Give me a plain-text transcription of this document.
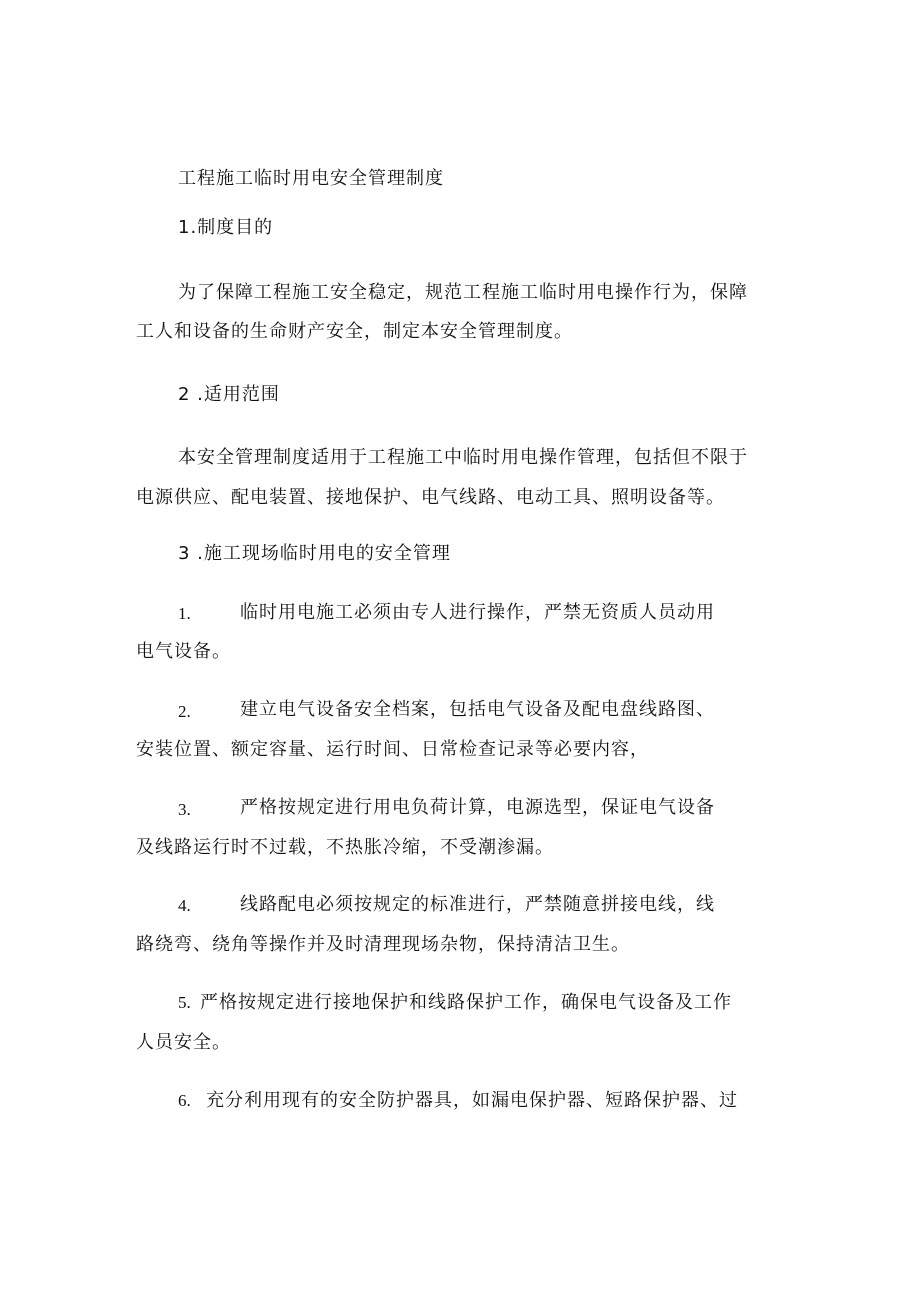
工程施工临时用电安全管理制度
1.制度目的
为了保障工程施工安全稳定，规范工程施工临时用电操作行为，保障
工人和设备的生命财产安全，制定本安全管理制度。
2 .适用范围
本安全管理制度适用于工程施工中临时用电操作管理，包括但不限于
电源供应、配电装置、接地保护、电气线路、电动工具、照明设备等。
3 .施工现场临时用电的安全管理
1.	临时用电施工必须由专人进行操作，严禁无资质人员动用
电气设备。
2.	建立电气设备安全档案，包括电气设备及配电盘线路图、
安装位置、额定容量、运行时间、日常检查记录等必要内容，
3.	严格按规定进行用电负荷计算，电源选型，保证电气设备
及线路运行时不过载，不热胀冷缩，不受潮渗漏。
4.	线路配电必须按规定的标准进行，严禁随意拼接电线，线
路绕弯、绕角等操作并及时清理现场杂物，保持清洁卫生。
5. 严格按规定进行接地保护和线路保护工作，确保电气设备及工作
人员安全。
6. 充分利用现有的安全防护器具，如漏电保护器、短路保护器、过
